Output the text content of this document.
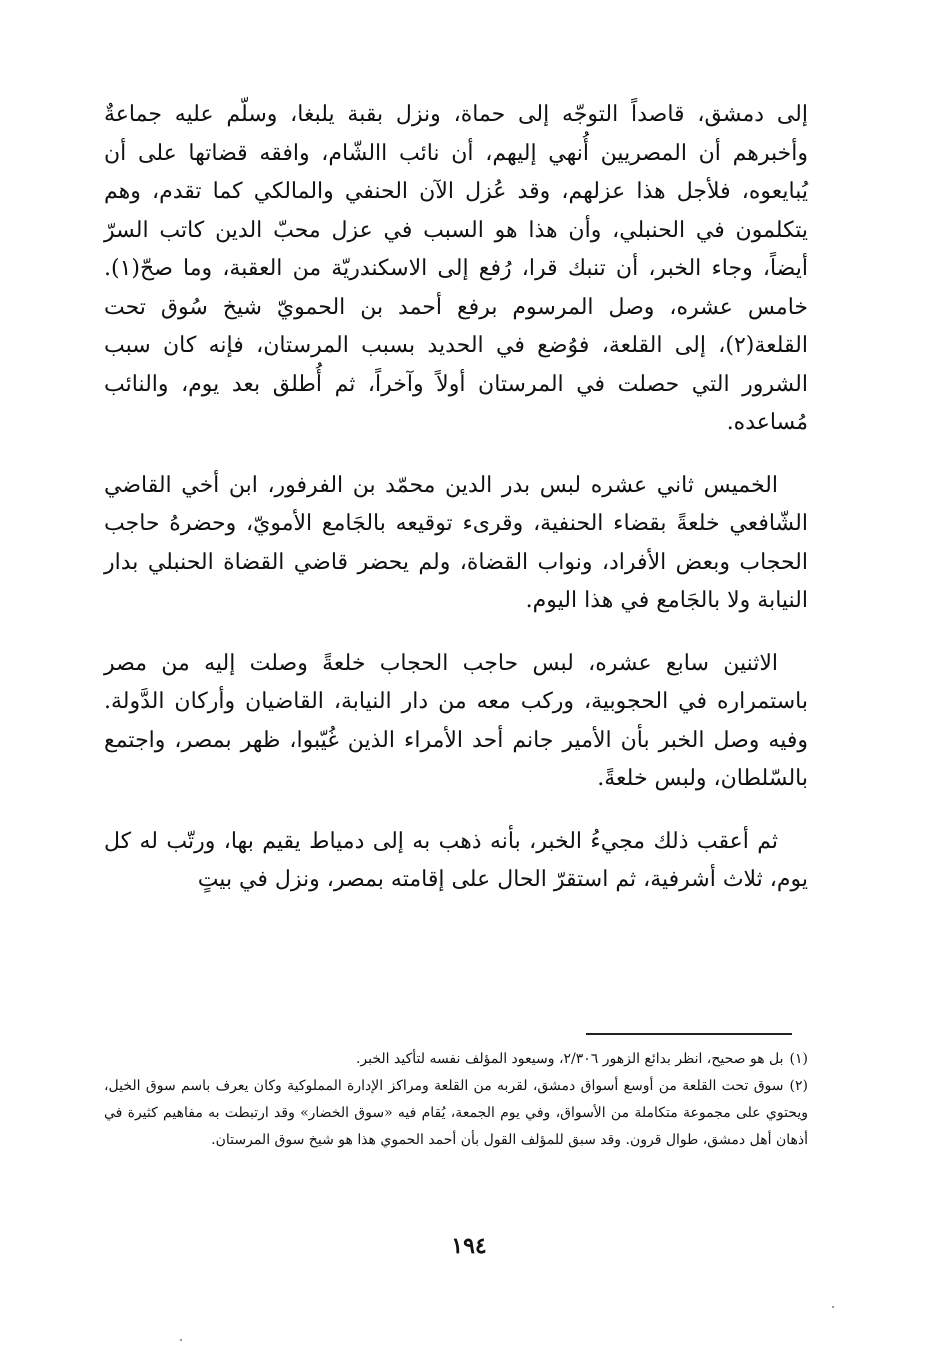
إلى دمشق، قاصداً التوجّه إلى حماة، ونزل بقبة يلبغا، وسلّم عليه جماعةٌ وأخبرهم أن المصريين أُنهي إليهم، أن نائب االشّام، وافقه قضاتها على أن يُبايعوه، فلأجل هذا عزلهم، وقد عُزل الآن الحنفي والمالكي كما تقدم، وهم يتكلمون في الحنبلي، وأن هذا هو السبب في عزل محبّ الدين كاتب السرّ أيضاً، وجاء الخبر، أن تنبك قرا، رُفع إلى الاسكندريّة من العقبة، وما صحّ(١). خامس عشره، وصل المرسوم برفع أحمد بن الحمويّ شيخ سُوق تحت القلعة(٢)، إلى القلعة، فوُضع في الحديد بسبب المرستان، فإنه كان سبب الشرور التي حصلت في المرستان أولاً وآخراً، ثم أُطلق بعد يوم، والنائب مُساعده.

الخميس ثاني عشره لبس بدر الدين محمّد بن الفرفور، ابن أخي القاضي الشّافعي خلعةً بقضاء الحنفية، وقرىء توقيعه بالجَامع الأمويّ، وحضرهُ حاجب الحجاب وبعض الأفراد، ونواب القضاة، ولم يحضر قاضي القضاة الحنبلي بدار النيابة ولا بالجَامع في هذا اليوم.

الاثنين سابع عشره، لبس حاجب الحجاب خلعةً وصلت إليه من مصر باستمراره في الحجوبية، وركب معه من دار النيابة، القاضيان وأركان الدَّولة. وفيه وصل الخبر بأن الأمير جانم أحد الأمراء الذين غُيّبوا، ظهر بمصر، واجتمع بالسّلطان، ولبس خلعةً.

ثم أعقب ذلك مجيءُ الخبر، بأنه ذهب به إلى دمياط يقيم بها، ورتّب له كل يوم، ثلاث أشرفية، ثم استقرّ الحال على إقامته بمصر، ونزل في بيتٍ

(١)بل هو صحيح، انظر بدائع الزهور ٢/٣٠٦، وسيعود المؤلف نفسه لتأكيد الخبر.

(٢)سوق تحت القلعة من أوسع أسواق دمشق، لقربه من القلعة ومراكز الإدارة المملوكية وكان يعرف باسم سوق الخيل، ويحتوي على مجموعة متكاملة من الأسواق، وفي يوم الجمعة، يُقام فيه «سوق الخضار» وقد ارتبطت به مفاهيم كثيرة في أذهان أهل دمشق، طوال قرون. وقد سبق للمؤلف القول بأن أحمد الحموي هذا هو شيخ سوق المرستان.

١٩٤
